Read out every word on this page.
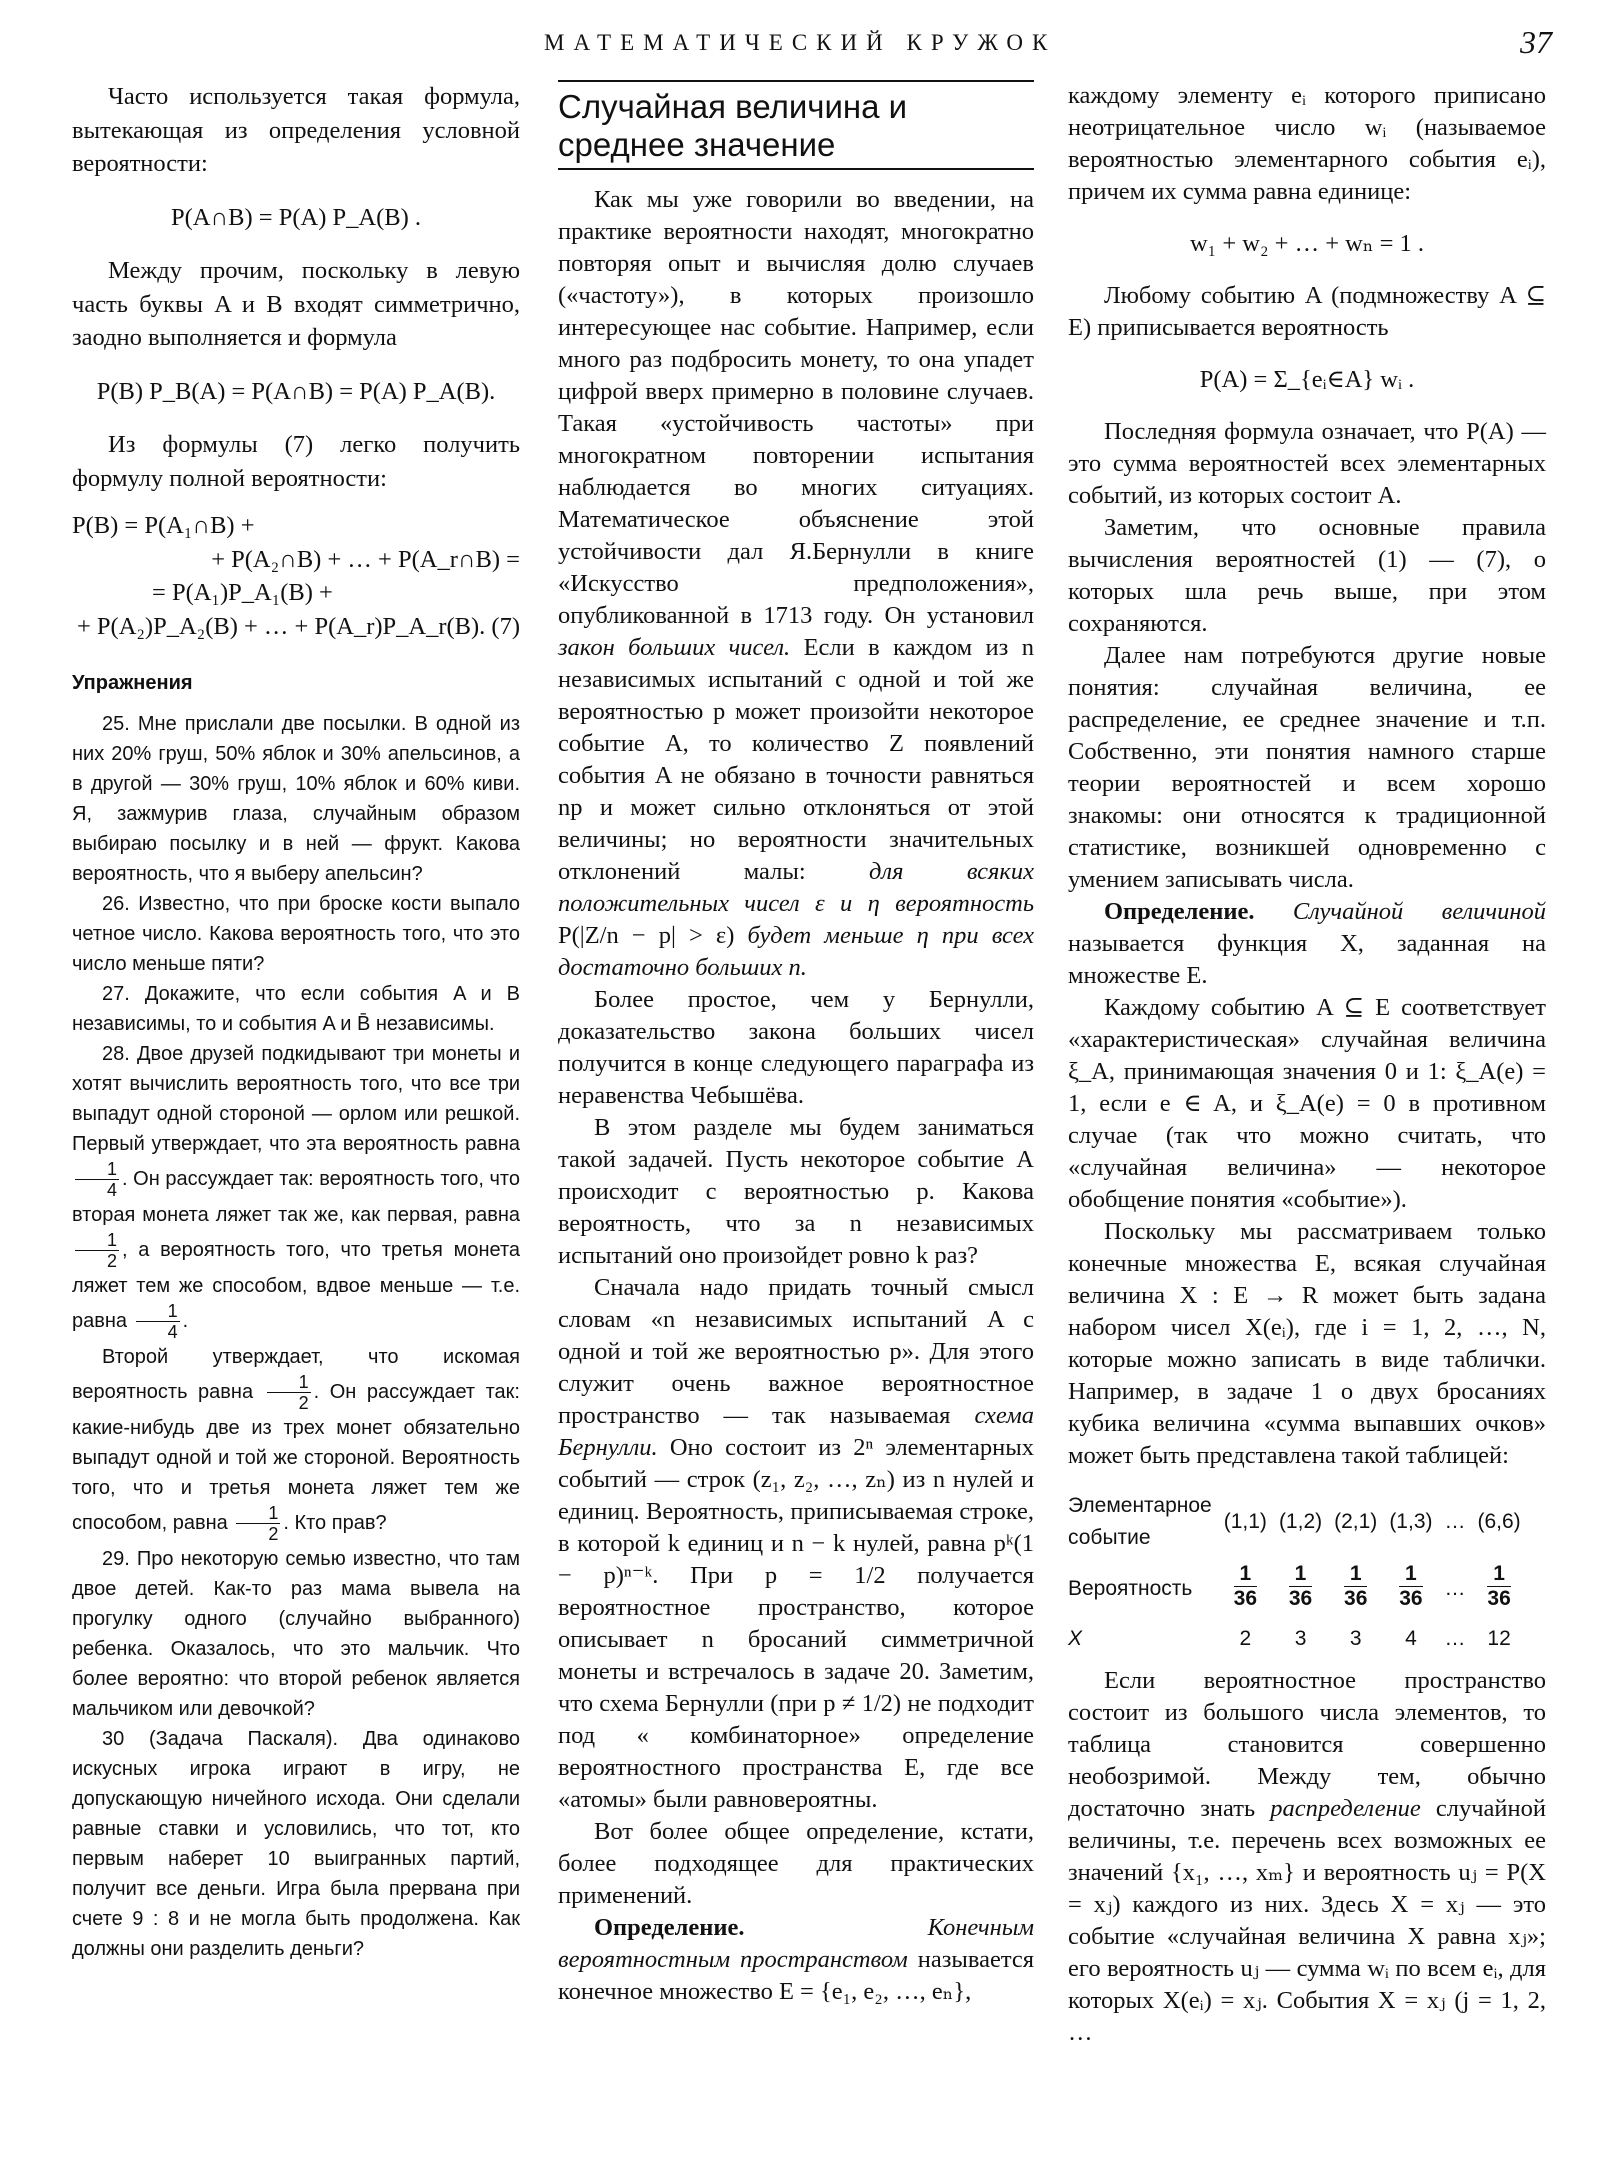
МАТЕМАТИЧЕСКИЙ КРУЖОК	37

Часто используется такая формула, вытекающая из определения условной вероятности:

P(A∩B) = P(A) P_A(B) .

Между прочим, поскольку в левую часть буквы A и B входят симметрично, заодно выполняется и формула

P(B) P_B(A) = P(A∩B) = P(A) P_A(B).

Из формулы (7) легко получить формулу полной вероятности:

P(B) = P(A₁∩B) +
+ P(A₂∩B) + … + P(A_r∩B) =
= P(A₁)P_A₁(B) +
+ P(A₂)P_A₂(B) + … + P(A_r)P_A_r(B). (7)
Упражнения

25. Мне прислали две посылки. В одной из них 20% груш, 50% яблок и 30% апельсинов, а в другой — 30% груш, 10% яблок и 60% киви. Я, зажмурив глаза, случайным образом выбираю посылку и в ней — фрукт. Какова вероятность, что я выберу апельсин?

26. Известно, что при броске кости выпало четное число. Какова вероятность того, что это число меньше пяти?

27. Докажите, что если события A и B независимы, то и события A и B̄ независимы.

28. Двое друзей подкидывают три монеты и хотят вычислить вероятность того, что все три выпадут одной стороной — орлом или решкой. Первый утверждает, что эта вероятность равна
$\frac{1}{4}$ . Он рассуждает так: вероятность того, что вторая монета ляжет так же, как первая, равна
$\frac{1}{2}$ , а вероятность того, что третья монета ляжет тем же способом, вдвое меньше — т.е. равна $\frac{1}{4}$ .

Второй утверждает, что искомая вероятность равна $\frac{1}{2}$ . Он рассуждает так: какие-нибудь две из трех монет обязательно выпадут одной и той же стороной. Вероятность того, что и третья монета ляжет тем же способом, равна $\frac{1}{2}$ . Кто прав?

29. Про некоторую семью известно, что там двое детей. Как-то раз мама вывела на прогулку одного (случайно выбранного) ребенка. Оказалось, что это мальчик. Что более вероятно: что второй ребенок является мальчиком или девочкой?

30 (Задача Паскаля). Два одинаково искусных игрока играют в игру, не допускающую ничейного исхода. Они сделали равные ставки и условились, что тот, кто первым наберет 10 выигранных партий, получит все деньги. Игра была прервана при счете 9 : 8 и не могла быть продолжена. Как должны они разделить деньги?

Случайная величина и среднее значение

Как мы уже говорили во введении, на практике вероятности находят, многократно повторяя опыт и вычисляя долю случаев («частоту»), в которых произошло интересующее нас событие. Например, если много раз подбросить монету, то она упадет цифрой вверх примерно в половине случаев. Такая «устойчивость частоты» при многократном повторении испытания наблюдается во многих ситуациях. Математическое объяснение этой устойчивости дал Я.Бернулли в книге «Искусство предположения», опубликованной в 1713 году. Он установил закон больших чисел. Если в каждом из n независимых испытаний с одной и той же вероятностью p может произойти некоторое событие A, то количество Z появлений события A не обязано в точности равняться np и может сильно отклоняться от этой величины; но вероятности значительных отклонений малы:	для всяких положительных чисел ε и η вероятность P(|Z/n − p| > ε) будет меньше η при всех достаточно больших n.

Более простое, чем у Бернулли, доказательство закона больших чисел получится в конце следующего параграфа из неравенства Чебышёва.

В этом разделе мы будем заниматься такой задачей. Пусть некоторое событие A происходит с вероятностью p. Какова вероятность, что за n независимых испытаний оно произойдет ровно k раз?

Сначала надо придать точный смысл словам «n независимых испытаний A с одной и той же вероятностью p». Для этого служит очень важное вероятностное пространство — так называемая схема Бернулли. Оно состоит из 2ⁿ элементарных событий — строк (z₁, z₂, …, zₙ) из n нулей и единиц. Вероятность, приписываемая строке, в которой k единиц и n − k нулей, равна pᵏ(1 − p)ⁿ⁻ᵏ. При p = 1/2 получается вероятностное пространство, которое описывает n бросаний симметричной монеты и встречалось в задаче 20. Заметим, что схема Бернулли (при p ≠ 1/2) не подходит под « комбинаторное» определение вероятностного пространства E, где все «атомы» были равновероятны.

Вот более общее определение, кстати, более подходящее для практических применений.

Определение.	Конечным вероятностным пространством называется конечное множество E = {e₁, e₂, …, eₙ},

каждому элементу eᵢ которого приписано неотрицательное число wᵢ (называемое вероятностью элементарного события eᵢ), причем их сумма равна единице:

w₁ + w₂ + … + wₙ = 1 .

Любому событию A (подмножеству A ⊆ E) приписывается вероятность

P(A) = Σ_{eᵢ∈A} wᵢ .

Последняя формула означает, что P(A) — это сумма вероятностей всех элементарных событий, из которых состоит A.

Заметим, что основные правила вычисления вероятностей (1) — (7), о которых шла речь выше, при этом сохраняются.

Далее нам потребуются другие новые понятия: случайная величина, ее распределение, ее среднее значение и т.п. Собственно, эти понятия намного старше теории вероятностей и всем хорошо знакомы: они относятся к традиционной статистике, возникшей одновременно с умением записывать числа.

Определение. Случайной величиной называется функция X, заданная на множестве E.

Каждому событию A ⊆ E соответствует «характеристическая» случайная величина ξ_A, принимающая значения 0 и 1: ξ_A(e) = 1, если e ∈ A, и ξ_A(e) = 0 в противном случае (так что можно считать, что «случайная величина» — некоторое обобщение понятия «событие»).

Поскольку мы рассматриваем только конечные множества E, всякая случайная величина X : E → R может быть задана набором чисел X(eᵢ), где i = 1, 2, …, N, которые можно записать в виде таблички. Например, в задаче 1 о двух бросаниях кубика величина «сумма выпавших очков» может быть представлена такой таблицей:

Элементарное
событие	(1,1)	(1,2)	(2,1)	(1,3)	…	(6,6)
Вероятность	$\frac{1}{36}$	$\frac{1}{36}$	$\frac{1}{36}$	$\frac{1}{36}$	…	$\frac{1}{36}$

X	2	3	3	4	…	12

Если вероятностное пространство состоит из большого числа элементов, то таблица становится совершенно необозримой. Между тем, обычно достаточно знать распределение случайной величины, т.е. перечень всех возможных ее значений {x₁, …, xₘ} и вероятность uⱼ = P(X = xⱼ) каждого из них. Здесь X = xⱼ — это событие «случайная величина X равна xⱼ»; его вероятность uⱼ — сумма wᵢ по всем eᵢ, для которых X(eᵢ) = xⱼ. События X = xⱼ (j = 1, 2, …
